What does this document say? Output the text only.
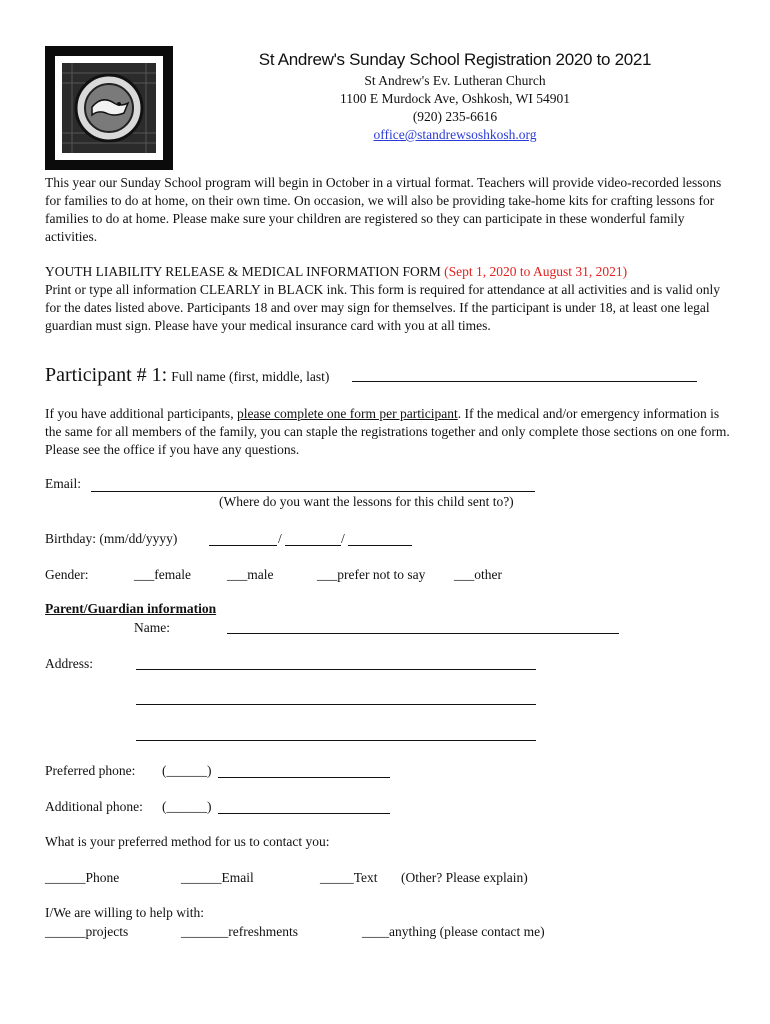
St Andrew's Sunday School Registration 2020 to 2021
St Andrew's Ev. Lutheran Church
1100 E Murdock Ave, Oshkosh, WI 54901
(920) 235-6616
office@standrewsoshkosh.org
This year our Sunday School program will begin in October in a virtual format. Teachers will provide video-recorded lessons for families to do at home, on their own time. On occasion, we will also be providing take-home kits for crafting lessons for families to do at home. Please make sure your children are registered so they can participate in these wonderful family activities.
YOUTH LIABILITY RELEASE & MEDICAL INFORMATION FORM (Sept 1, 2020 to August 31, 2021)
Print or type all information CLEARLY in BLACK ink. This form is required for attendance at all activities and is valid only for the dates listed above. Participants 18 and over may sign for themselves. If the participant is under 18, at least one legal guardian must sign. Please have your medical insurance card with you at all times.
Participant # 1: Full name (first, middle, last)
If you have additional participants, please complete one form per participant. If the medical and/or emergency information is the same for all members of the family, you can staple the registrations together and only complete those sections on one form. Please see the office if you have any questions.
Email:
(Where do you want the lessons for this child sent to?)
Birthday: (mm/dd/yyyy)	/	/
Gender:	___female	___male	___prefer not to say ___other
Parent/Guardian information
Name:
Address:
Preferred phone: (______)
Additional phone: (______)
What is your preferred method for us to contact you:
______Phone	______Email	_____Text (Other? Please explain)
I/We are willing to help with:
______projects	_______refreshments	____anything (please contact me)
